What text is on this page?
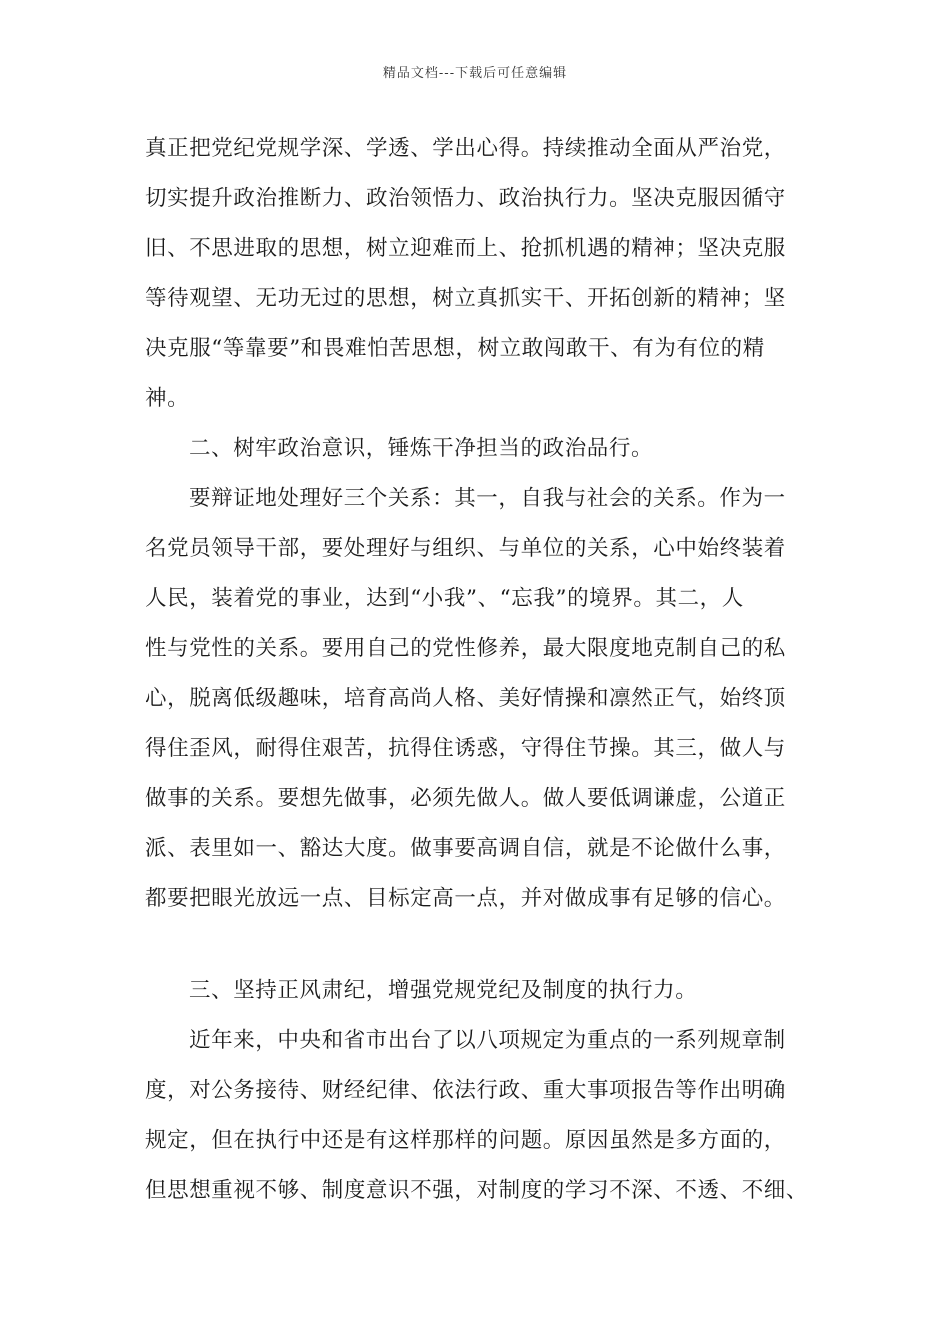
精品文档---下载后可任意编辑
真正把党纪党规学深、学透、学出心得。持续推动全面从严治党，
切实提升政治推断力、政治领悟力、政治执行力。坚决克服因循守
旧、不思进取的思想，树立迎难而上、抢抓机遇的精神；坚决克服
等待观望、无功无过的思想，树立真抓实干、开拓创新的精神；坚
决克服“等靠要”和畏难怕苦思想，树立敢闯敢干、有为有位的精
神。
二、树牢政治意识，锤炼干净担当的政治品行。
要辩证地处理好三个关系：其一，自我与社会的关系。作为一
名党员领导干部，要处理好与组织、与单位的关系，心中始终装着
人民，装着党的事业，达到“小我”、“忘我”的境界。其二，人
性与党性的关系。要用自己的党性修养，最大限度地克制自己的私
心，脱离低级趣味，培育高尚人格、美好情操和凛然正气，始终顶
得住歪风，耐得住艰苦，抗得住诱惑，守得住节操。其三，做人与
做事的关系。要想先做事，必须先做人。做人要低调谦虚，公道正
派、表里如一、豁达大度。做事要高调自信，就是不论做什么事，
都要把眼光放远一点、目标定高一点，并对做成事有足够的信心。
三、坚持正风肃纪，增强党规党纪及制度的执行力。
近年来，中央和省市出台了以八项规定为重点的一系列规章制
度，对公务接待、财经纪律、依法行政、重大事项报告等作出明确
规定，但在执行中还是有这样那样的问题。原因虽然是多方面的，
但思想重视不够、制度意识不强，对制度的学习不深、不透、不细、
